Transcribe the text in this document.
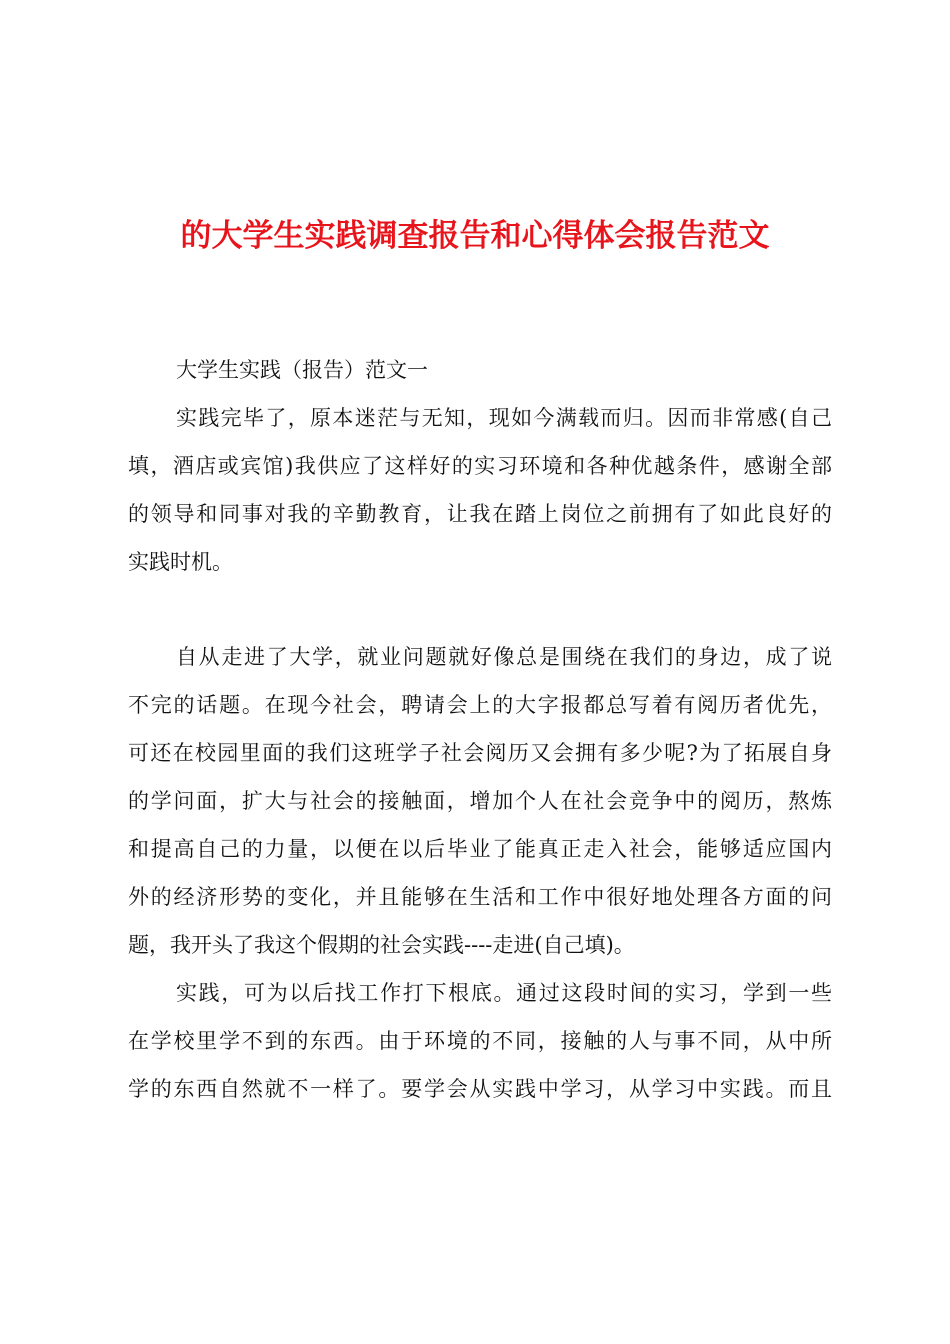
的大学生实践调查报告和心得体会报告范文
大学生实践（报告）范文一
实践完毕了，原本迷茫与无知，现如今满载而归。因而非常感(自己
填，酒店或宾馆)我供应了这样好的实习环境和各种优越条件，感谢全部
的领导和同事对我的辛勤教育，让我在踏上岗位之前拥有了如此良好的
实践时机。
自从走进了大学，就业问题就好像总是围绕在我们的身边，成了说
不完的话题。在现今社会，聘请会上的大字报都总写着有阅历者优先，
可还在校园里面的我们这班学子社会阅历又会拥有多少呢?为了拓展自身
的学问面，扩大与社会的接触面，增加个人在社会竞争中的阅历，熬炼
和提高自己的力量，以便在以后毕业了能真正走入社会，能够适应国内
外的经济形势的变化，并且能够在生活和工作中很好地处理各方面的问
题，我开头了我这个假期的社会实践----走进(自己填)。
实践，可为以后找工作打下根底。通过这段时间的实习，学到一些
在学校里学不到的东西。由于环境的不同，接触的人与事不同，从中所
学的东西自然就不一样了。要学会从实践中学习，从学习中实践。而且
